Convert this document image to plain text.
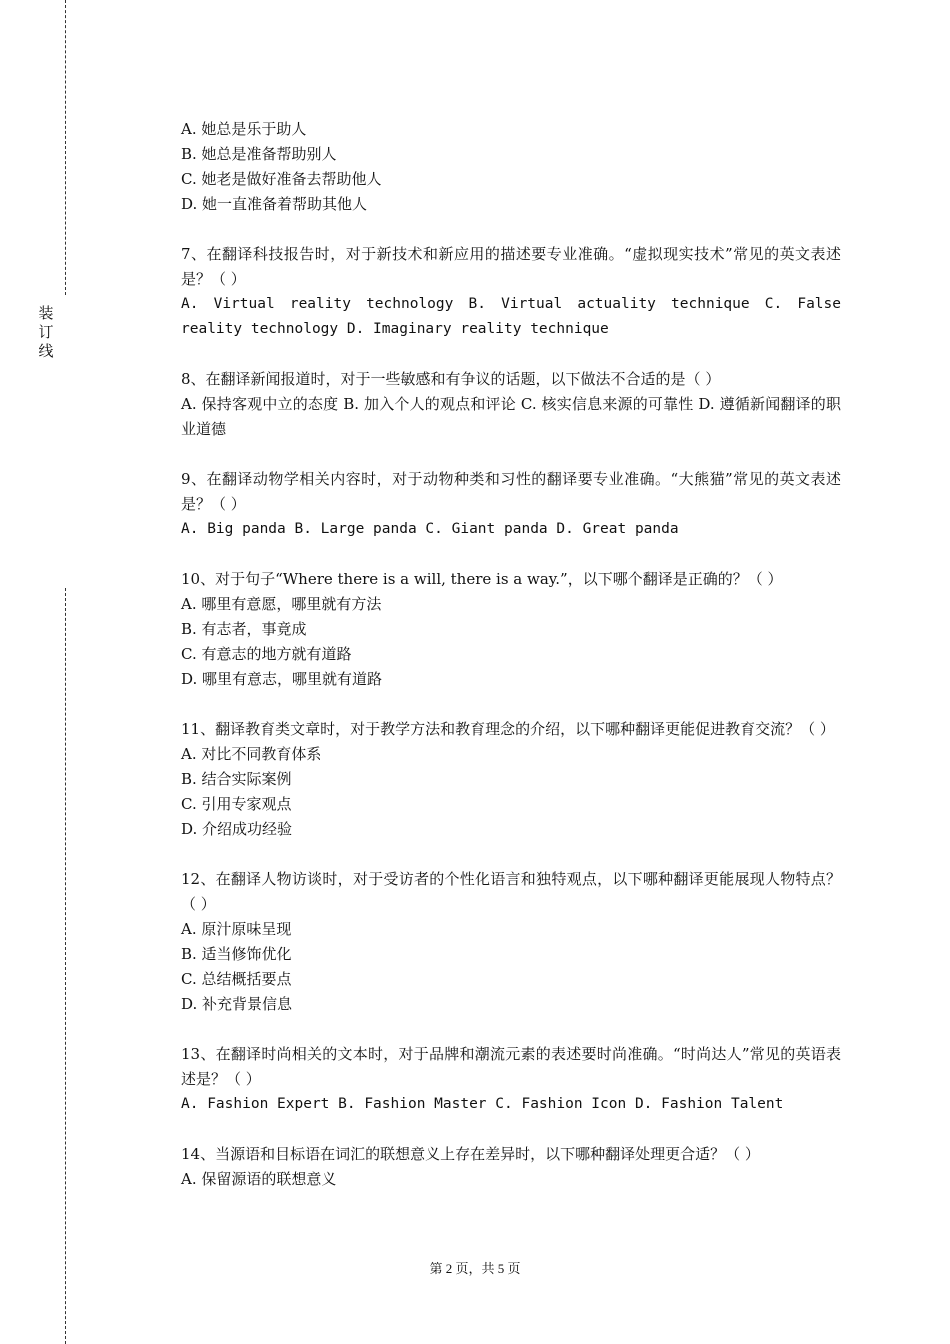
装
订
线
A. 她总是乐于助人
B. 她总是准备帮助别人
C. 她老是做好准备去帮助他人
D. 她一直准备着帮助其他人
7、在翻译科技报告时，对于新技术和新应用的描述要专业准确。“虚拟现实技术”常见的英文表述是？（ ）
A. Virtual reality technology B. Virtual actuality technique C. False reality technology D. Imaginary reality technique
8、在翻译新闻报道时，对于一些敏感和有争议的话题，以下做法不合适的是（ ）
A. 保持客观中立的态度 B. 加入个人的观点和评论 C. 核实信息来源的可靠性 D. 遵循新闻翻译的职业道德
9、在翻译动物学相关内容时，对于动物种类和习性的翻译要专业准确。“大熊猫”常见的英文表述是？（ ）
A. Big panda B. Large panda C. Giant panda D. Great panda
10、对于句子“Where there is a will, there is a way.”，以下哪个翻译是正确的？（ ）
A. 哪里有意愿，哪里就有方法
B. 有志者，事竟成
C. 有意志的地方就有道路
D. 哪里有意志，哪里就有道路
11、翻译教育类文章时，对于教学方法和教育理念的介绍，以下哪种翻译更能促进教育交流？（ ）
A. 对比不同教育体系
B. 结合实际案例
C. 引用专家观点
D. 介绍成功经验
12、在翻译人物访谈时，对于受访者的个性化语言和独特观点，以下哪种翻译更能展现人物特点？（ ）
A. 原汁原味呈现
B. 适当修饰优化
C. 总结概括要点
D. 补充背景信息
13、在翻译时尚相关的文本时，对于品牌和潮流元素的表述要时尚准确。“时尚达人”常见的英语表述是？（ ）
A. Fashion Expert B. Fashion Master C. Fashion Icon D. Fashion Talent
14、当源语和目标语在词汇的联想意义上存在差异时，以下哪种翻译处理更合适？（ ）
A. 保留源语的联想意义
第 2 页，共 5 页
